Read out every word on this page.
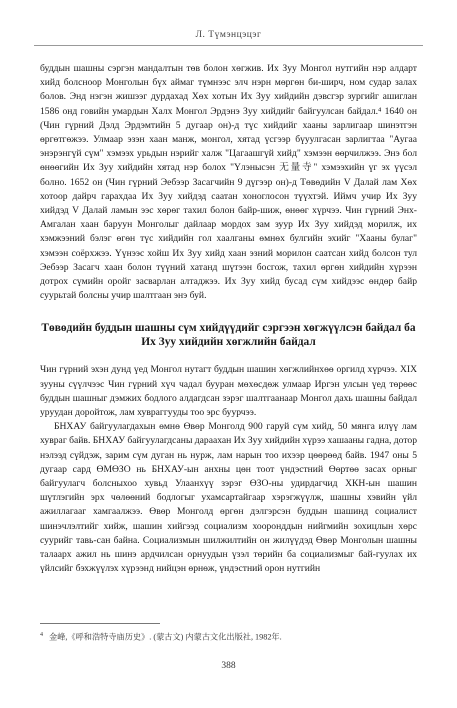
Л. Түмэнцэцэг

буддын шашны сэргэн мандалтын төв болон хөгжив. Их Зуу Монгол нутгийн нэр алдарт хийд болсноор Монголын бүх аймаг түмнээс элч нэрн мөргөн би-ширч, ном судар залах болов. Энд нэгэн жишээг дурдахад Хөх хотын Их Зуу хийдийн дэвсгэр зургийг ашиглан 1586 онд говийн умардын Халх Монгол Эрдэнэ Зуу хийдийг байгуулсан байдал.⁴ 1640 он (Чин гүрний Дэлд Эрдэмтийн 5 дугаар он)-д түс хийдийг хааны зарлигаар шинэтгэн өргөтгөжээ. Улмаар эзэн хаан манж, монгол, хятад үсгээр бүуулгасан зарлигтаа "Аугаа энэрэнгүй сүм" хэмээх урьдын нэрийг халж "Цагаашгүй хийд" хэмээн өөрчилжээ. Энэ бол өнөөгийн Их Зуу хийдийн хятад нэр болох "Үлэнысэн 无量寺" хэмээхийн үг эх үүсэл болно. 1652 он (Чин гүрний Эебээр Засагчийн 9 дүгээр он)-д Төвөдийн V Далай лам Хөх хотоор дайрч гарахдаа Их Зуу хийдэд саатан хоноглосон түүхтэй. Иймч учир Их Зуу хийдэд V Далай ламын ээс хөрөг тахил болон байр-шиж, өнөөг хүрчээ. Чин гүрний Энх-Амгалан хаан баруун Монголыг дайлаар мордох зам зуур Их Зуу хийдэд морилж, их хэмжээний бэлэг өгөн түс хийдийн гол хаалганы өмнөх булгийн эхийг "Хааны булаг" хэмээн соёрхжээ. Үүнээс хойш Их Зуу хийд хаан эзний морилон саатсан хийд болсон тул Эебээр Засагч хаан болон түүний хатанд шүтээн босгож, тахил өргөн хийдийн хүрээн дотрох сүмийн оройг засварлан алтаджээ. Их Зуу хийд бусад сүм хийдээс өндөр байр суурьтай болсны учир шалтгаан энэ буй.

Төвөдийн буддын шашны сүм хийдүүдийг сэргээн хөгжүүлсэн байдал ба Их Зуу хийдийн хөгжлийн байдал

Чин гүрний эхэн дунд үед Монгол нутагт буддын шашин хөгжлийнхөө оргилд хүрчээ. XIX зууны сүүлчээс Чин гүрний хүч чадал бууран мөхөсдөж улмаар Иргэн улсын үед төрөөс буддын шашныг дэмжих бодлого алдагдсан зэрэг шалтгаанаар Монгол дахь шашны байдал уруудан доройтож, лам хувраггууды тоо эрс буурчээ.

БНХАУ байгуулагдахын өмнө Өвөр Монголд 900 гаруй сүм хийд, 50 мянга илүү лам хувраг байв. БНХАУ байгуулагдсаны дараахан Их Зуу хийдийн хүрээ хашааны гадна, дотор нэлээд сүйдэж, зарим сүм дуган нь нурж, лам нарын тоо ихээр цөөрөөд байв. 1947 оны 5 дугаар сард ӨМӨЗО нь БНХАУ-ын анхны цөн тоот үндэстний Өөртөө засах орныг байгуулагч болсныхоо хувьд Улаанхүү зэрэг ӨЗО-ны удирдагчид ХКН-ын шашин шүтлэгийн эрх чөлөөний бодлогыг ухамсартайгаар хэрэгжүүлж, шашны хэвийн үйл ажиллагааг хамгаалжээ. Өвөр Монголд өргөн дэлгэрсэн буддын шашинд социалист шинэчлэлтийг хийж, шашин хийгээд социализм хооронддын нийгмийн зохицлын хөрс суурийг тавь-сан байна. Социализмын шилжилтийн он жилүүдэд Өвөр Монголын шашны талаарх ажил нь шинэ ардчилсан орнуудын үзэл төрийн ба социализмыг бай-гуулах их үйлсийг бэхжүүлэх хүрээнд нийцэн өрнөж, үндэстний орон нутгийн

$^4$ 金峰,《呼和浩特寺庙历史》. (蒙古文) 内蒙古文化出版社, 1982年.
388
